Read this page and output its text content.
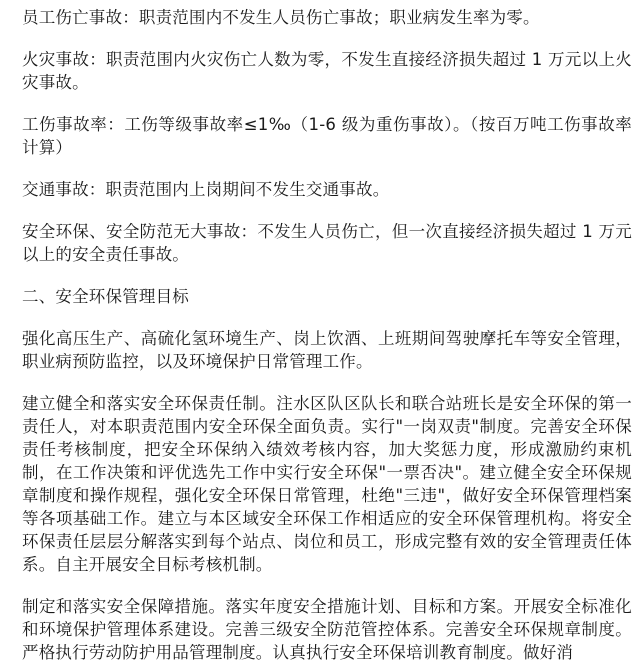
员工伤亡事故：职责范围内不发生人员伤亡事故；职业病发生率为零。

火灾事故：职责范围内火灾伤亡人数为零，不发生直接经济损失超过 1 万元以上火灾事故。

工伤事故率：工伤等级事故率≤1‰（1-6 级为重伤事故）。（按百万吨工伤事故率计算）

交通事故：职责范围内上岗期间不发生交通事故。

安全环保、安全防范无大事故：不发生人员伤亡，但一次直接经济损失超过 1 万元以上的安全责任事故。

二、安全环保管理目标

强化高压生产、高硫化氢环境生产、岗上饮酒、上班期间驾驶摩托车等安全管理，职业病预防监控，以及环境保护日常管理工作。

建立健全和落实安全环保责任制。注水区队区队长和联合站班长是安全环保的第一责任人，对本职责范围内安全环保全面负责。实行"一岗双责"制度。完善安全环保责任考核制度，把安全环保纳入绩效考核内容，加大奖惩力度，形成激励约束机制，在工作决策和评优选先工作中实行安全环保"一票否决"。建立健全安全环保规章制度和操作规程，强化安全环保日常管理，杜绝"三违"，做好安全环保管理档案等各项基础工作。建立与本区域安全环保工作相适应的安全环保管理机构。将安全环保责任层层分解落实到每个站点、岗位和员工，形成完整有效的安全管理责任体系。自主开展安全目标考核机制。

制定和落实安全保障措施。落实年度安全措施计划、目标和方案。开展安全标准化和环境保护管理体系建设。完善三级安全防范管控体系。完善安全环保规章制度。严格执行劳动防护用品管理制度。认真执行安全环保培训教育制度。做好消
